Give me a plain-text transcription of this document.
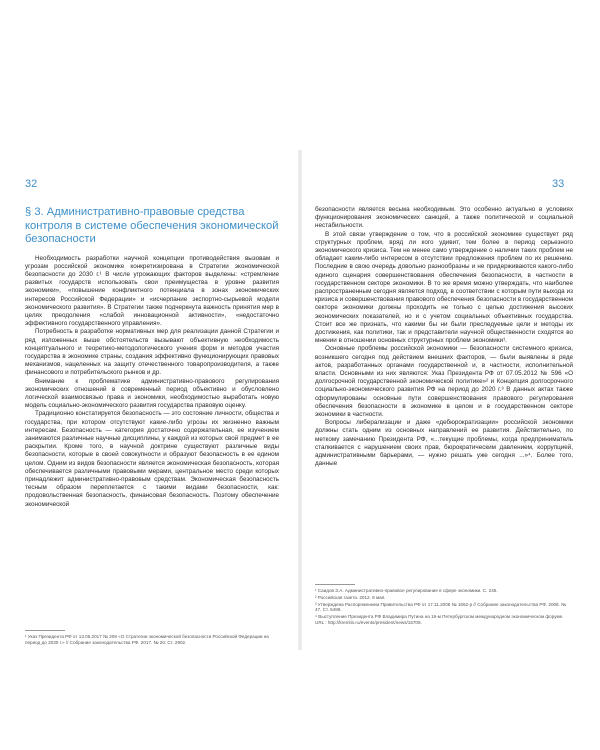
32	33
§ 3. Административно-правовые средства контроля в системе обеспечения экономической безопасности

Необходимость разработки научной концепции противодействия вызовам и угрозам российской экономике конкретизирована в Стратегии экономической безопасности до 2030 г.¹ В числе угрожающих факторов выделены: «стремление развитых государств использовать свои преимущества в уровне развития экономики», «повышение конфликтного потенциала в зонах экономических интересов Российской Федерации» и «исчерпание экспортно-сырьевой модели экономического развития». В Стратегии также подчеркнута важность принятия мер в целях преодоления «слабой инновационной активности», «недостаточно эффективного государственного управления».

Потребность в разработке нормативных мер для реализации данной Стратегии и ряд изложенных выше обстоятельств вызывают объективную необходимость концептуального и теоретико-методологического учения форм и методов участия государства в экономике страны, создания эффективно функционирующих правовых механизмов, нацеленных на защиту отечественного товаропроизводителя, а также финансового и потребительского рынков и др.

Внимание к проблематике административно-правового регулирования экономических отношений в современный период объективно и обусловлено логической взаимосвязью права и экономики, необходимостью выработать новую модель социально-экономического развития государства правовую оценку.

Традиционно констатируется безопасность — это состояние личности, общества и государства, при котором отсутствуют какие-либо угрозы их жизненно важным интересам. Безопасность — категория достаточно содержательная, ее изучением занимаются различные научные дисциплины, у каждой из которых свой предмет в ее раскрытии. Кроме того, в научной доктрине существуют различные виды безопасности, которые в своей совокупности и образуют безопасность в ее едином целом. Одним из видов безопасности является экономическая безопасность, которая обеспечивается различными правовыми мерами, центральное место среди которых принадлежит административно-правовым средствам. Экономическая безопасность тесным образом переплетается с такими видами безопасности, как: продовольственная безопасность, финансовая безопасность. Поэтому обеспечение экономической

¹ Указ Президента РФ от 13.05.2017 № 208 «О Стратегии экономической безопасности Российской Федерации на период до 2030 г.» // Собрание законодательства РФ. 2017. № 20. Ст. 2902.

безопасности является весьма необходимым. Это особенно актуально в условиях функционирования экономических санкций, а также политической и социальной нестабильности.

В этой связи утверждение о том, что в российской экономике существует ряд структурных проблем, вряд ли кого удивит, тем более в период серьезного экономического кризиса. Тем не менее само утверждение о наличии таких проблем не обладает каким-либо интересом в отсутствии предложения проблем по их решению. Последние в свою очередь довольно разнообразны и не придерживаются какого-либо единого сценария совершенствования обеспечения безопасности, в частности в государственном секторе экономики. В то же время можно утверждать, что наиболее распространенным сегодня является подход, в соответствии с которым пути выхода из кризиса и совершенствования правового обеспечения безопасности в государственном секторе экономики должны проходить не только с целью достижения высоких экономических показателей, но и с учетом социальных объективных государства. Стоит все же признать, что какими бы ни были преследуемые цели и методы их достижения, как политики, так и представители научной общественности сходятся во мнении в отношении основных структурных проблем экономики¹.

Основные проблемы российской экономики — безопасности системного кризиса, возникшего сегодня под действием внешних факторов, — были выявлены в ряде актов, разработанных органами государственной и, в частности, исполнительной власти. Основными из них являются: Указ Президента РФ от 07.05.2012 № 596 «О долгосрочной государственной экономической политике»² и Концепция долгосрочного социально-экономического развития РФ на период до 2020 г.³ В данных актах также сформулированы основные пути совершенствования правового регулирования обеспечения безопасности в экономике в целом и в государственном секторе экономики в частности.

Вопросы либерализации и даже «дебюрократизации» российской экономики должны стать одним из основных направлений ее развития. Действительно, по меткому замечанию Президента РФ, «...текущие проблемы, когда предприниматель сталкивается с нарушением своих прав, бюрократическим давлением, коррупцией, административными барьерами, — нужно решать уже сегодня ...»⁴. Более того, данные

¹ Саидов З.А. Административно-правовое регулирование в сфере экономики. С. 245.

² Российская газета. 2012. 9 мая.

³ Утверждена Распоряжением Правительства РФ от 17.11.2008 № 1662-р // Собрание законодательства РФ. 2008. № 47. Ст. 5489.

⁴ Выступление Президента РФ Владимира Путина на 16-м Петербургском международном экономическом форуме. URL : http://kremlin.ru/events/president/news/15709.
